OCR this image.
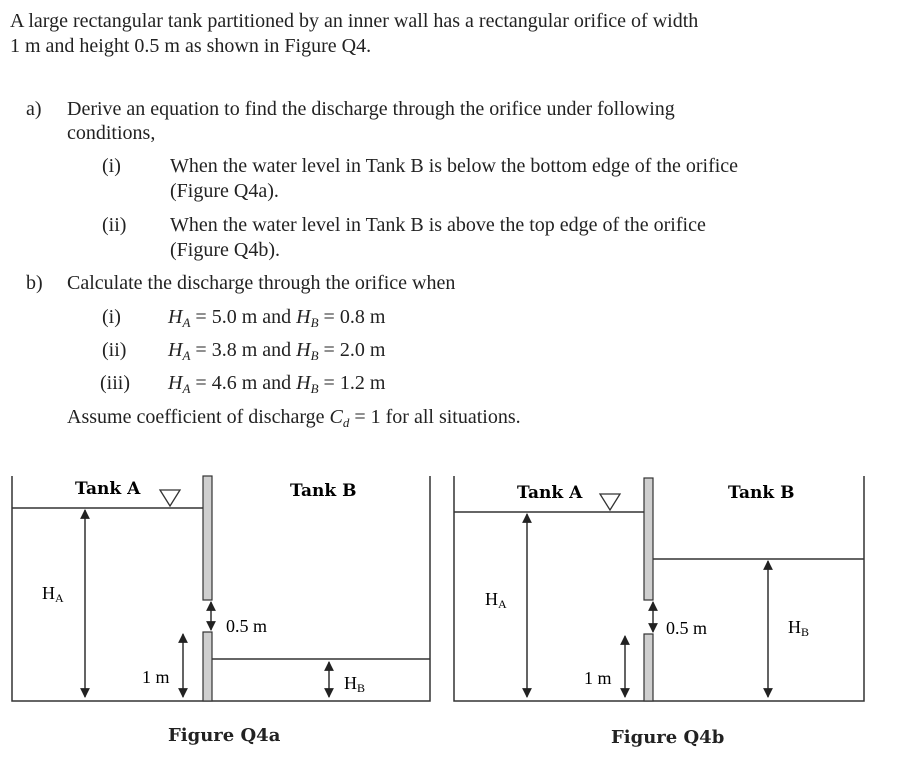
A large rectangular tank partitioned by an inner wall has a rectangular orifice of width
1 m and height 0.5 m as shown in Figure Q4.
a) Derive an equation to find the discharge through the orifice under following
conditions,
(i) When the water level in Tank B is below the bottom edge of the orifice
(Figure Q4a).
(ii) When the water level in Tank B is above the top edge of the orifice
(Figure Q4b).
b) Calculate the discharge through the orifice when
(i) $H_A = 5.0$ m and $H_B = 0.8$ m
(ii) $H_A = 3.8$ m and $H_B = 2.0$ m
(iii) $H_A = 4.6$ m and $H_B = 1.2$ m
Assume coefficient of discharge $C_d = 1$ for all situations.
Tank A	Tank B
HA
0.5 m
1 m	HB
Figure Q4a
Tank A	Tank B
HA
0.5 m
1 m
HB
Figure Q4b
